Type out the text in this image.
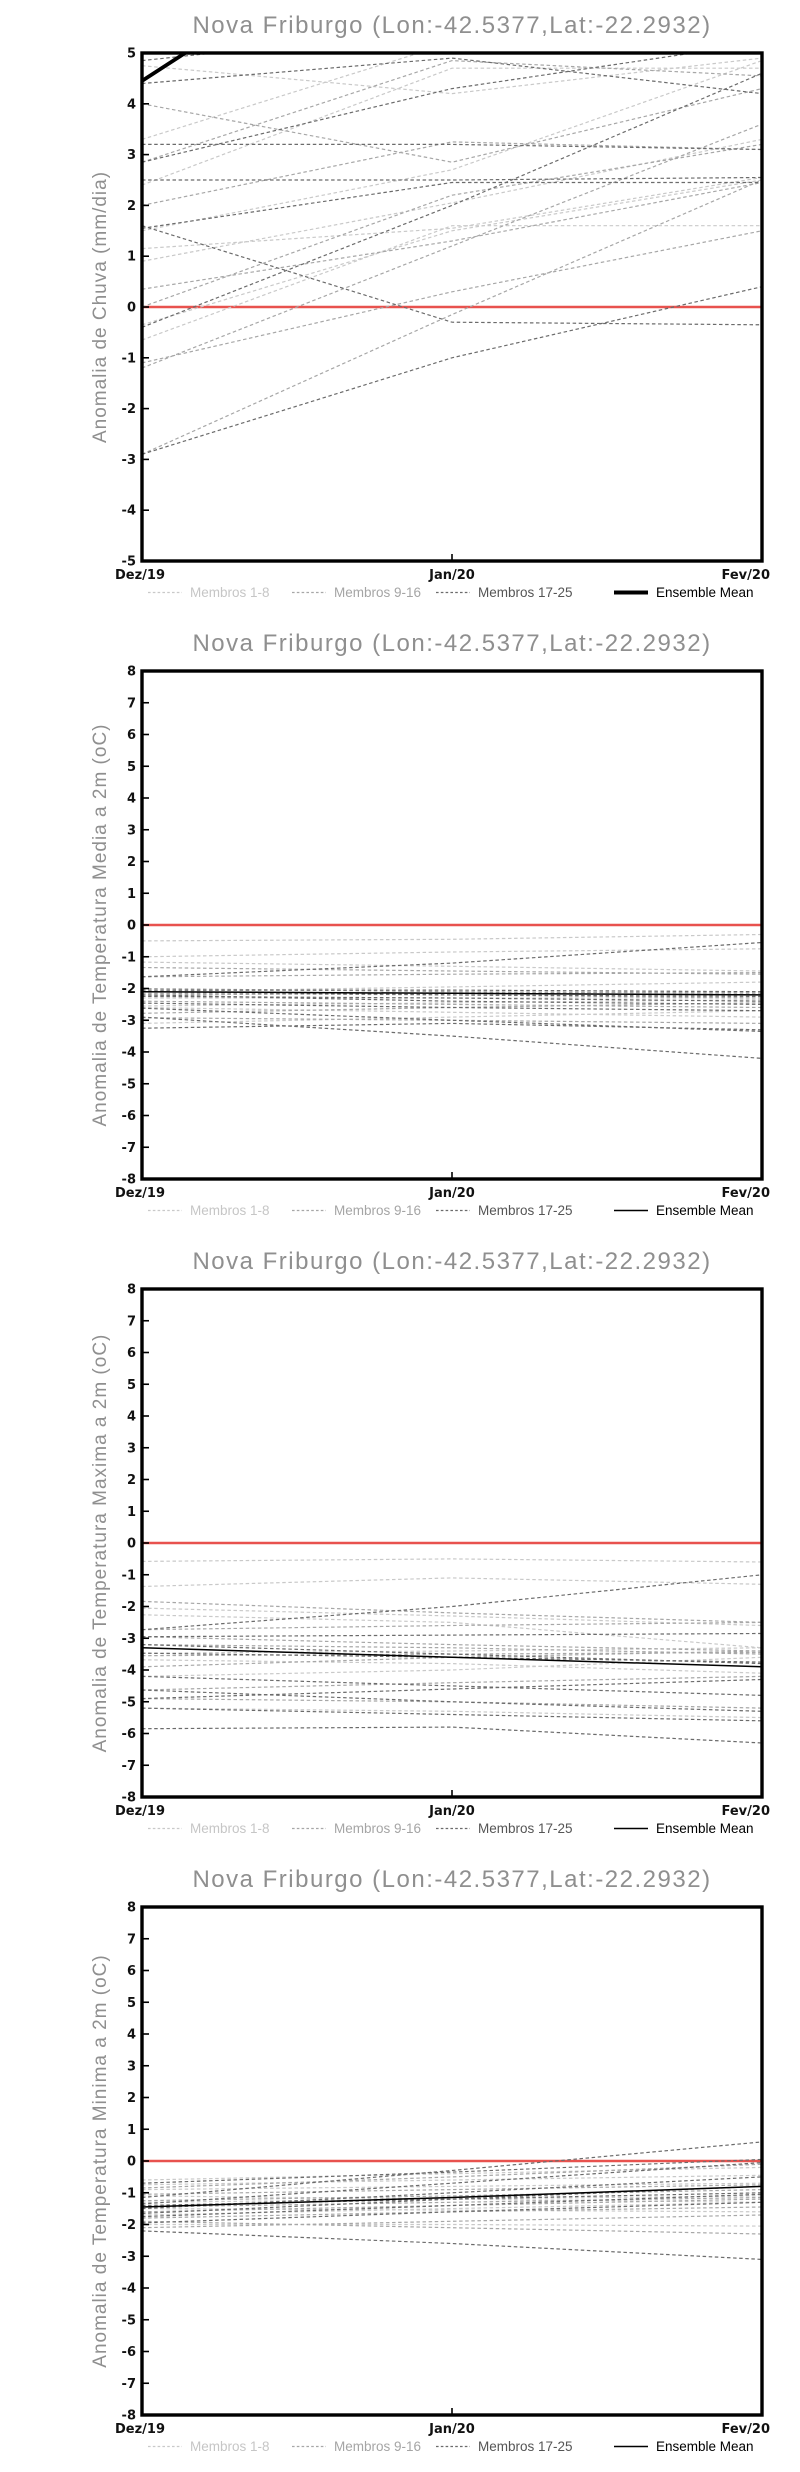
Nova Friburgo (Lon:-42.5377,Lat:-22.2932)
Anomalia de Chuva (mm/dia)
5
4
3
2
1
0
-1
-2
-3
-4
-5
Dez/19	Jan/20	Fev/20
Membros 1-8	Membros 9-16	Membros 17-25	Ensemble Mean
Nova Friburgo (Lon:-42.5377,Lat:-22.2932)
Anomalia de Temperatura Media a 2m (oC)
8
7
6
5
4
3
2
1
0
-1
-2
-3
-4
-5
-6
-7
-8
Dez/19	Jan/20	Fev/20
Membros 1-8	Membros 9-16	Membros 17-25	Ensemble Mean
Nova Friburgo (Lon:-42.5377,Lat:-22.2932)
Anomalia de Temperatura Maxima a 2m (oC)
8
7
6
5
4
3
2
1
0
-1
-2
-3
-4
-5
-6
-7
-8
Dez/19	Jan/20	Fev/20
Membros 1-8	Membros 9-16	Membros 17-25	Ensemble Mean
Nova Friburgo (Lon:-42.5377,Lat:-22.2932)
Anomalia de Temperatura Minima a 2m (oC)
8
7
6
5
4
3
2
1
0
-1
-2
-3
-4
-5
-6
-7
-8
Dez/19	Jan/20	Fev/20
Membros 1-8	Membros 9-16	Membros 17-25	Ensemble Mean
